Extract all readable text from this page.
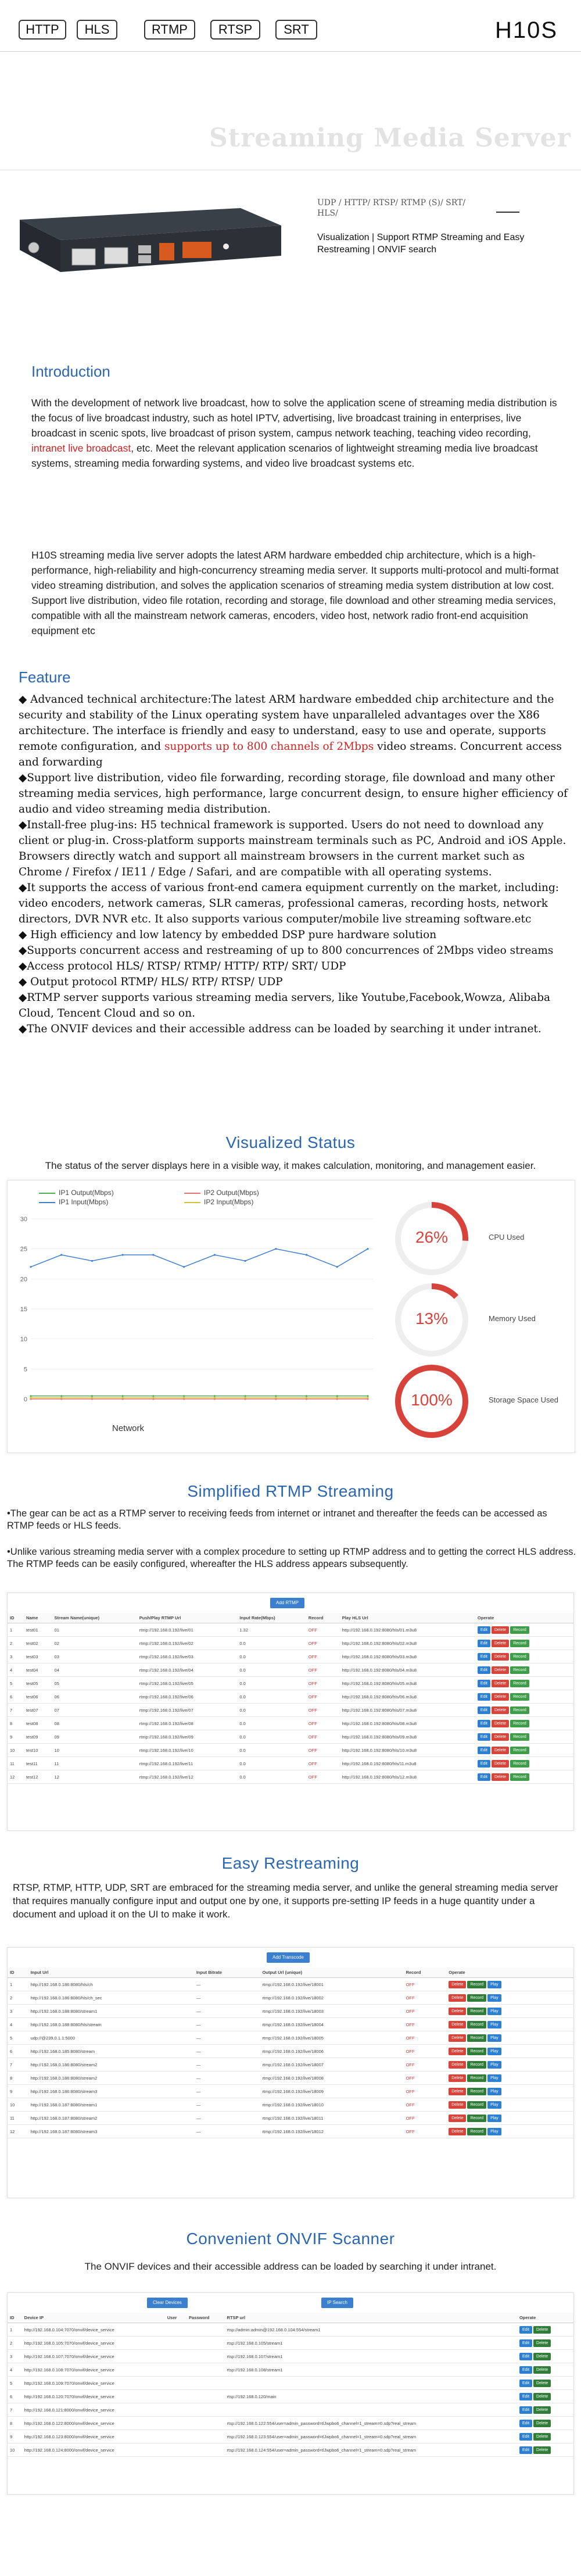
HTTP	HLS	RTMP	RTSP	SRT	H10S
Streaming Media Server
UDP / HTTP/ RTSP/ RTMP (S)/ SRT/ HLS/
Visualization | Support RTMP Streaming and Easy Restreaming | ONVIF search
Introduction
With the development of network live broadcast, how to solve the application scene of streaming media distribution is the focus of live broadcast industry, such as hotel IPTV, advertising, live broadcast training in enterprises, live broadcast in scenic spots, live broadcast of prison system, campus network teaching, teaching video recording, intranet live broadcast, etc. Meet the relevant application scenarios of lightweight streaming media live broadcast systems, streaming media forwarding systems, and video live broadcast systems etc.
H10S streaming media live server adopts the latest ARM hardware embedded chip architecture, which is a high-performance, high-reliability and high-concurrency streaming media server. It supports multi-protocol and multi-format video streaming distribution, and solves the application scenarios of streaming media system distribution at low cost. Support live distribution, video file rotation, recording and storage, file download and other streaming media services, compatible with all the mainstream network cameras, encoders, video host, network radio front-end acquisition equipment etc
Feature

◆ Advanced technical architecture:The latest ARM hardware embedded chip architecture and the security and stability of the Linux operating system have unparalleled advantages over the X86 architecture. The interface is friendly and easy to understand, easy to use and operate, supports remote configuration, and supports up to 800 channels of 2Mbps video streams. Concurrent access and forwarding

◆Support live distribution, video file forwarding, recording storage, file download and many other streaming media services, high performance, large concurrent design, to ensure higher efficiency of audio and video streaming media distribution.

◆Install-free plug-ins: H5 technical framework is supported. Users do not need to download any client or plug-in. Cross-platform supports mainstream terminals such as PC, Android and iOS Apple. Browsers directly watch and support all mainstream browsers in the current market such as Chrome / Firefox / IE11 / Edge / Safari, and are compatible with all operating systems.

◆It supports the access of various front-end camera equipment currently on the market, including: video encoders, network cameras, SLR cameras, professional cameras, recording hosts, network directors, DVR NVR etc. It also supports various computer/mobile live streaming software.etc

◆ High efficiency and low latency by embedded DSP pure hardware solution

◆Supports concurrent access and restreaming of up to 800 concurrences of 2Mbps video streams

◆Access protocol HLS/ RTSP/ RTMP/ HTTP/ RTP/ SRT/ UDP

◆ Output protocol RTMP/ HLS/ RTP/ RTSP/ UDP

◆RTMP server supports various streaming media servers, like Youtube,Facebook,Wowza, Alibaba Cloud, Tencent Cloud and so on.

◆The ONVIF devices and their accessible address can be loaded by searching it under intranet.

Visualized Status
The status of the server displays here in a visible way, it makes calculation, monitoring, and management easier.
IP1 Output(Mbps)
IP1 Input(Mbps)
IP2 Output(Mbps)
IP2 Input(Mbps)
30
25
20
15
10
5
0
Network
26%	CPU Used
13%	Memory Used
100%	Storage Space Used
Simplified RTMP Streaming
•The gear can be act as a RTMP server to receiving feeds from internet or intranet and thereafter the feeds can be accessed as RTMP feeds or HLS feeds.
•Unlike various streaming media server with a complex procedure to setting up RTMP address and to getting the correct HLS address. The RTMP feeds can be easily configured, whereafter the HLS address appears subsequently.
Add RTMP
ID	Name	Stream Name(unique)	Push/Play RTMP Url	Input Rate(Mbps)	Record	Play HLS Url	Operate
1	test01	01	rtmp://192.168.0.192/live/01	1.32	OFF	http://192.168.0.192:8080/hls/01.m3u8	Edit Delete Record
2	test02	02	rtmp://192.168.0.192/live/02	0.0	OFF	http://192.168.0.192:8080/hls/02.m3u8	Edit Delete Record
3	test03	03	rtmp://192.168.0.192/live/03	0.0	OFF	http://192.168.0.192:8080/hls/03.m3u8	Edit Delete Record
4	test04	04	rtmp://192.168.0.192/live/04	0.0	OFF	http://192.168.0.192:8080/hls/04.m3u8	Edit Delete Record
5	test05	05	rtmp://192.168.0.192/live/05	0.0	OFF	http://192.168.0.192:8080/hls/05.m3u8	Edit Delete Record
6	test06	06	rtmp://192.168.0.192/live/06	0.0	OFF	http://192.168.0.192:8080/hls/06.m3u8	Edit Delete Record
7	test07	07	rtmp://192.168.0.192/live/07	0.0	OFF	http://192.168.0.192:8080/hls/07.m3u8	Edit Delete Record
8	test08	08	rtmp://192.168.0.192/live/08	0.0	OFF	http://192.168.0.192:8080/hls/08.m3u8	Edit Delete Record
9	test09	09	rtmp://192.168.0.192/live/09	0.0	OFF	http://192.168.0.192:8080/hls/09.m3u8	Edit Delete Record
10	test10	10	rtmp://192.168.0.192/live/10	0.0	OFF	http://192.168.0.192:8080/hls/10.m3u8	Edit Delete Record
11	test11	11	rtmp://192.168.0.192/live/11	0.0	OFF	http://192.168.0.192:8080/hls/11.m3u8	Edit Delete Record
12	test12	12	rtmp://192.168.0.192/live/12	0.0	OFF	http://192.168.0.192:8080/hls/12.m3u8	Edit Delete Record
Easy Restreaming
RTSP, RTMP, HTTP, UDP, SRT are embraced for the streaming media server, and unlike the general streaming media server that requires manually configure input and output one by one, it supports pre-setting IP feeds in a huge quantity under a document and upload it on the UI to make it work.
Add Transcode
ID	Input Url	Input Bitrate	Output Url (unique)	Record	Operate
1	http://192.168.0.186:8080/hls/ch	—	rtmp://192.168.0.192/live/18001	OFF	Delete Record Play
2	http://192.168.0.186:8080/hls/ch_sec	—	rtmp://192.168.0.192/live/18002	OFF	Delete Record Play
3	http://192.168.0.188:8080/stream1	—	rtmp://192.168.0.192/live/18003	OFF	Delete Record Play
4	http://192.168.0.188:8080/hls/stream	—	rtmp://192.168.0.192/live/18004	OFF	Delete Record Play
5	udp://@239.0.1.1:5000	—	rtmp://192.168.0.192/live/18005	OFF	Delete Record Play
6	http://192.168.0.185:8080/stream	—	rtmp://192.168.0.192/live/18006	OFF	Delete Record Play
7	http://192.168.0.186:8080/stream2	—	rtmp://192.168.0.192/live/18007	OFF	Delete Record Play
8	http://192.168.0.186:8080/stream2	—	rtmp://192.168.0.192/live/18008	OFF	Delete Record Play
9	http://192.168.0.186:8080/stream3	—	rtmp://192.168.0.192/live/18009	OFF	Delete Record Play
10	http://192.168.0.187:8080/stream1	—	rtmp://192.168.0.192/live/18010	OFF	Delete Record Play
11	http://192.168.0.187:8080/stream2	—	rtmp://192.168.0.192/live/18011	OFF	Delete Record Play
12	http://192.168.0.187:8080/stream3	—	rtmp://192.168.0.192/live/18012	OFF	Delete Record Play
Convenient ONVIF Scanner
The ONVIF devices and their accessible address can be loaded by searching it under intranet.
Clear Devices	IP Search
ID	Device IP	User	Password	RTSP url	Operate
1	http://192.168.0.104:7070/onvif/device_service			rtsp://admin:admin@192.168.0.104:554/stream1	Edit Delete
2	http://192.168.0.105:7070/onvif/device_service			rtsp://192.168.0.105/stream1	Edit Delete
3	http://192.168.0.107:7070/onvif/device_service			rtsp://192.168.0.107/stream1	Edit Delete
4	http://192.168.0.108:7070/onvif/device_service			rtsp://192.168.0.108/stream1	Edit Delete
5	http://192.168.0.109:7070/onvif/device_service				Edit Delete
6	http://192.168.0.120:7070/onvif/device_service			rtsp://192.168.0.120/main	Edit Delete
7	http://192.168.0.121:8000/onvif/device_service				Edit Delete
8	http://192.168.0.122:8000/onvif/device_service			rtsp://192.168.0.122:554/user=admin_password=tlJwpbo6_channel=1_stream=0.sdp?real_stream	Edit Delete
9	http://192.168.0.123:8000/onvif/device_service			rtsp://192.168.0.123:554/user=admin_password=tlJwpbo6_channel=1_stream=0.sdp?real_stream	Edit Delete
10	http://192.168.0.124:8000/onvif/device_service			rtsp://192.168.0.124:554/user=admin_password=tlJwpbo6_channel=1_stream=0.sdp?real_stream	Edit Delete
